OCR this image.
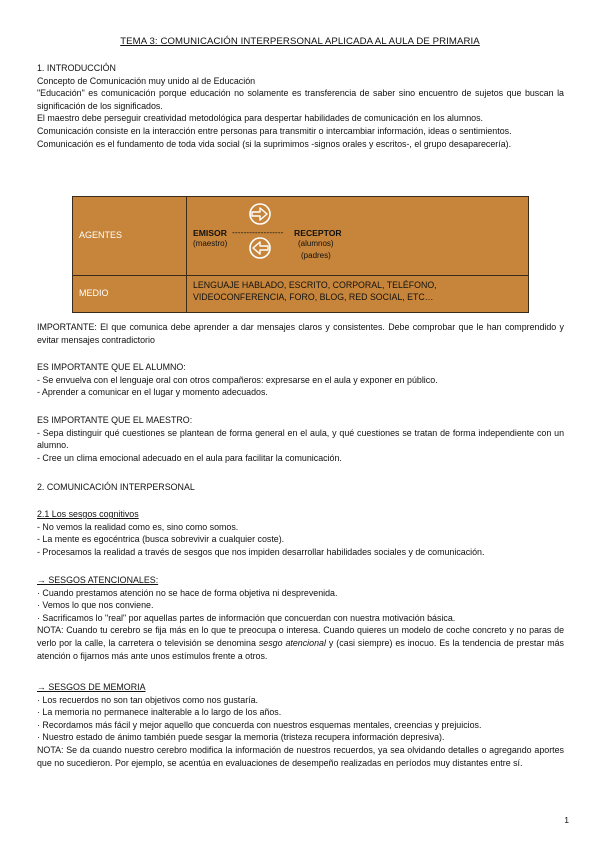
TEMA 3: COMUNICACIÓN INTERPERSONAL APLICADA AL AULA DE PRIMARIA

1. INTRODUCCIÓN

Concepto de Comunicación muy unido al de Educación

"Educación" es comunicación porque educación no solamente es transferencia de saber sino encuentro de sujetos que buscan la significación de los significados.

El maestro debe perseguir creatividad metodológica para despertar habilidades de comunicación en los alumnos.

Comunicación consiste en la interacción entre personas para transmitir o intercambiar información, ideas o sentimientos.

Comunicación es el fundamento de toda vida social (si la suprimimos -signos orales y escritos-, el grupo desaparecería).

AGENTES	EMISOR ------------------ RECEPTOR
(maestro)	(alumnos)
(padres)
MEDIO
LENGUAJE HABLADO, ESCRITO, CORPORAL, TELÉFONO,
VIDEOCONFERENCIA, FORO, BLOG, RED SOCIAL, ETC…

IMPORTANTE: El que comunica debe aprender a dar mensajes claros y consistentes. Debe comprobar que le han comprendido y evitar mensajes contradictorio

ES IMPORTANTE QUE EL ALUMNO:

- Se envuelva con el lenguaje oral con otros compañeros: expresarse en el aula y exponer en público.

- Aprender a comunicar en el lugar y momento adecuados.

ES IMPORTANTE QUE EL MAESTRO:

- Sepa distinguir qué cuestiones se plantean de forma general en el aula, y qué cuestiones se tratan de forma independiente con un alumno.

- Cree un clima emocional adecuado en el aula para facilitar la comunicación.

2. COMUNICACIÓN INTERPERSONAL

2.1 Los sesgos cognitivos

- No vemos la realidad como es, sino como somos.

- La mente es egocéntrica (busca sobrevivir a cualquier coste).

- Procesamos la realidad a través de sesgos que nos impiden desarrollar habilidades sociales y de comunicación.

→ SESGOS ATENCIONALES:

· Cuando prestamos atención no se hace de forma objetiva ni desprevenida.

· Vemos lo que nos conviene.

· Sacrificamos lo "real" por aquellas partes de información que concuerdan con nuestra motivación básica.

NOTA: Cuando tu cerebro se fija más en lo que te preocupa o interesa. Cuando quieres un modelo de coche concreto y no paras de verlo por la calle, la carretera o televisión se denomina sesgo atencional y (casi siempre) es inocuo. Es la tendencia de prestar más atención o fijarnos más ante unos estímulos frente a otros.

→ SESGOS DE MEMORIA

· Los recuerdos no son tan objetivos como nos gustaría.

· La memoria no permanece inalterable a lo largo de los años.

· Recordamos más fácil y mejor aquello que concuerda con nuestros esquemas mentales, creencias y prejuicios.

· Nuestro estado de ánimo también puede sesgar la memoria (tristeza recupera información depresiva).

NOTA: Se da cuando nuestro cerebro modifica la información de nuestros recuerdos, ya sea olvidando detalles o agregando aportes que no sucedieron. Por ejemplo, se acentúa en evaluaciones de desempeño realizadas en períodos muy distantes entre sí.

1
